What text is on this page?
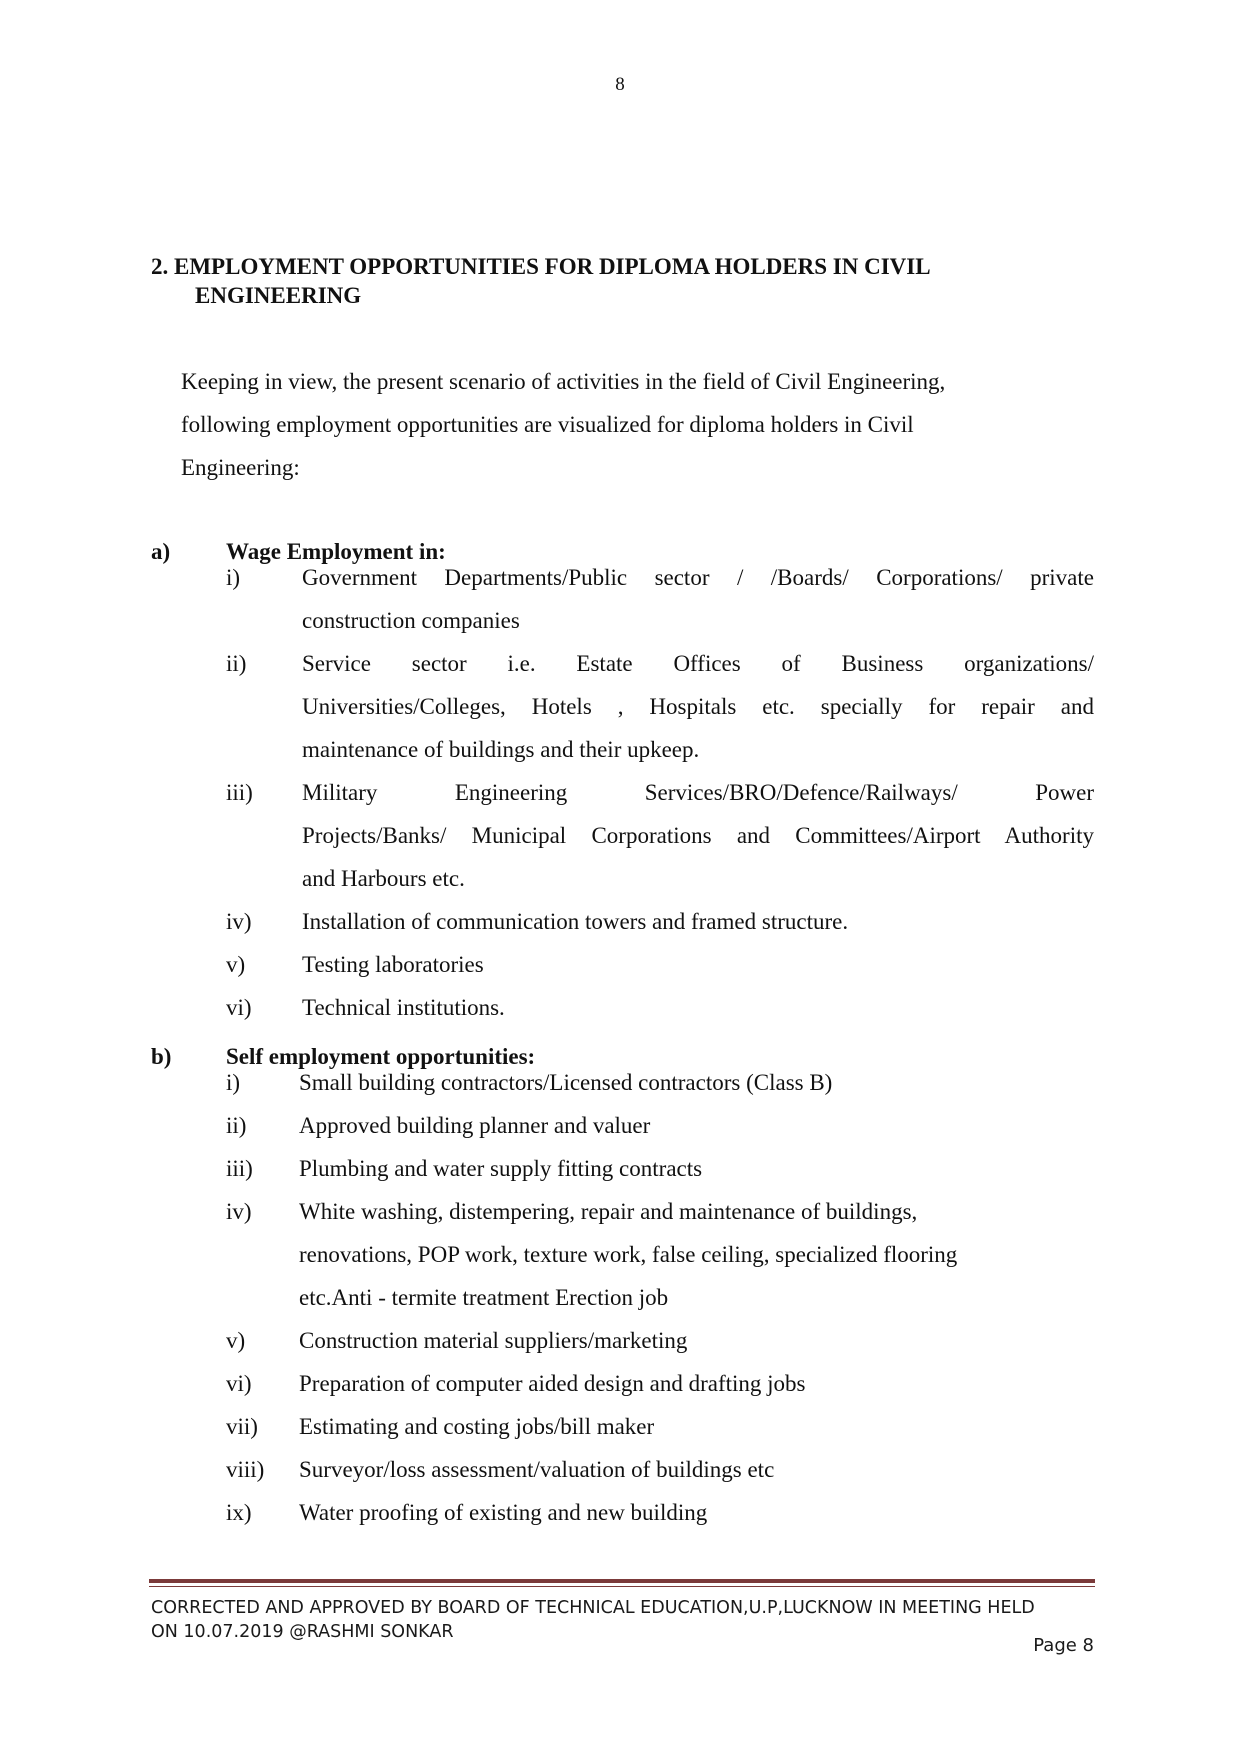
8
2. EMPLOYMENT OPPORTUNITIES FOR DIPLOMA HOLDERS IN CIVIL
ENGINEERING
Keeping in view, the present scenario of activities in the field of Civil Engineering,
following employment opportunities are visualized for diploma holders in Civil
Engineering:
a) Wage Employment in:
i)	Government Departments/Public sector / /Boards/ Corporations/ private
construction companies
ii) Service sector i.e. Estate Offices of Business organizations/
Universities/Colleges, Hotels , Hospitals etc. specially for repair and
maintenance of buildings and their upkeep.
iii) Military Engineering Services/BRO/Defence/Railways/ Power
Projects/Banks/ Municipal Corporations and Committees/Airport Authority
and Harbours etc.
iv) Installation of communication towers and framed structure.
v) Testing laboratories
vi) Technical institutions.
b) Self employment opportunities:
i)	Small building contractors/Licensed contractors (Class B)
ii) Approved building planner and valuer
iii) Plumbing and water supply fitting contracts
iv) White washing, distempering, repair and maintenance of buildings,
renovations, POP work, texture work, false ceiling, specialized flooring
etc.Anti - termite treatment Erection job
v) Construction material suppliers/marketing
vi) Preparation of computer aided design and drafting jobs
vii) Estimating and costing jobs/bill maker
viii) Surveyor/loss assessment/valuation of buildings etc
ix) Water proofing of existing and new building
CORRECTED AND APPROVED BY BOARD OF TECHNICAL EDUCATION,U.P,LUCKNOW IN MEETING HELD
ON 10.07.2019 @RASHMI SONKAR
Page 8
